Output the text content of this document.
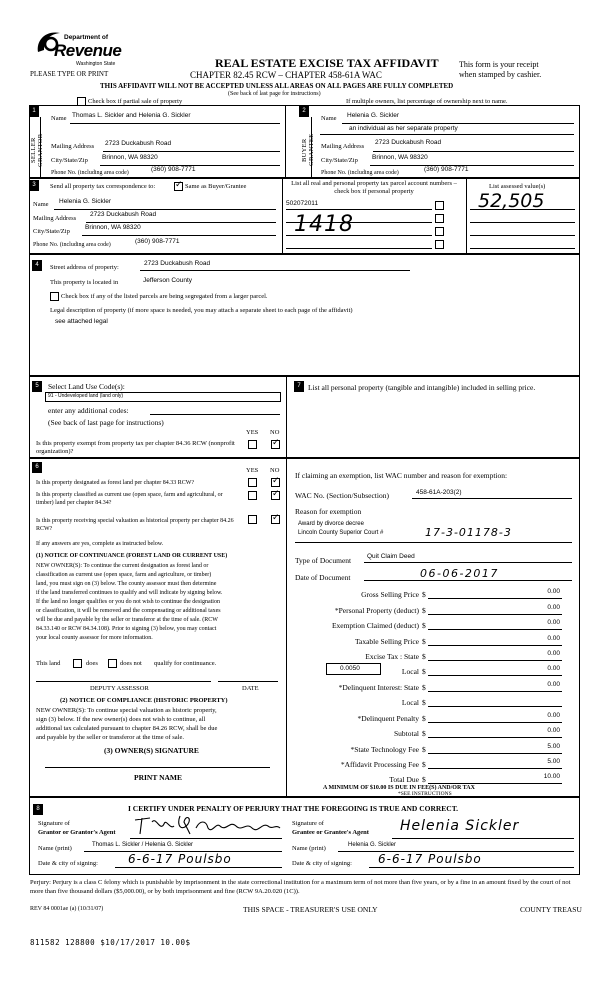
Department of
Revenue
Washington State
PLEASE TYPE OR PRINT
REAL ESTATE EXCISE TAX AFFIDAVIT
CHAPTER 82.45 RCW – CHAPTER 458-61A WAC
This form is your receipt
when stamped by cashier.
THIS AFFIDAVIT WILL NOT BE ACCEPTED UNLESS ALL AREAS ON ALL PAGES ARE FULLY COMPLETED
(See back of last page for instructions)
Check box if partial sale of property	If multiple owners, list percentage of ownership next to name.
1
SELLER GRANTOR
Name Thomas L. Sickler and Helenia G. Sickler
Mailing Address 2723 Duckabush Road
City/State/Zip Brinnon, WA 98320
Phone No. (including area code)	(360) 908-7771
2
BUYER GRANTEE
Name Helenia G. Sickler
an individual as her separate property
Mailing Address
2723 Duckabush Road
City/State/Zip Brinnon, WA 98320
Phone No. (including area code)	(360) 908-7771
3	Send all property tax correspondence to:
✓	Same as Buyer/Grantee
Name Helenia G. Sickler
Mailing Address
2723 Duckabush Road
City/State/Zip
Brinnon, WA 98320
Phone No. (including area code)	(360) 908-7771
List all real and personal property tax parcel account numbers – check box if personal property
502072011
1418
List assessed value(s)
52,505
4	Street address of property:
2723 Duckabush Road
This property is located in	Jefferson County
Check box if any of the listed parcels are being segregated from a larger parcel.
Legal description of property (if more space is needed, you may attach a separate sheet to each page of the affidavit)
see attached legal
5	Select Land Use Code(s):
91 - Undeveloped land (land only)
enter any additional codes:
(See back of last page for instructions)
YES NO
Is this property exempt from property tax per chapter 84.36 RCW (nonprofit organization)?
✓
7 List all personal property (tangible and intangible) included in selling price.
6	YES NO
Is this property designated as forest land per chapter 84.33 RCW?
✓
Is this property classified as current use (open space, farm and agricultural, or timber) land per chapter 84.34?
✓
Is this property receiving special valuation as historical property per chapter 84.26 RCW?
✓
If any answers are yes, complete as instructed below.
(1) NOTICE OF CONTINUANCE (FOREST LAND OR CURRENT USE)
NEW OWNER(S): To continue the current designation as forest land or
classification as current use (open space, farm and agriculture, or timber)
land, you must sign on (3) below. The county assessor must then determine
if the land transferred continues to qualify and will indicate by signing below.
If the land no longer qualifies or you do not wish to continue the designation
or classification, it will be removed and the compensating or additional taxes
will be due and payable by the seller or transferor at the time of sale. (RCW
84.33.140 or RCW 84.34.108). Prior to signing (3) below, you may contact
your local county assessor for more information.
This land	does	does not qualify for continuance.
DEPUTY ASSESSOR	DATE
(2) NOTICE OF COMPLIANCE (HISTORIC PROPERTY)
NEW OWNER(S): To continue special valuation as historic property,
sign (3) below. If the new owner(s) does not wish to continue, all
additional tax calculated pursuant to chapter 84.26 RCW, shall be due
and payable by the seller or transferor at the time of sale.
(3) OWNER(S) SIGNATURE
PRINT NAME
If claiming an exemption, list WAC number and reason for exemption:
WAC No. (Section/Subsection)	458-61A-203(2)
Reason for exemption
Award by divorce decree
Lincoln County Superior Court #	17-3-01178-3
Type of Document Quit Claim Deed
Date of Document	06-06-2017
Gross Selling Price $	0.00
*Personal Property (deduct) $	0.00
Exemption Claimed (deduct) $	0.00
Taxable Selling Price $	0.00
Excise Tax : State $	0.00
0.0050	Local $	0.00
*Delinquent Interest: State $	0.00
Local $
*Delinquent Penalty $	0.00
Subtotal $	0.00
*State Technology Fee $	5.00
*Affidavit Processing Fee $	5.00
Total Due $	10.00
A MINIMUM OF $10.00 IS DUE IN FEE(S) AND/OR TAX
*SEE INSTRUCTIONS
8	I CERTIFY UNDER PENALTY OF PERJURY THAT THE FOREGOING IS TRUE AND CORRECT.
Signature of
Grantor or Grantor's Agent
Name (print)	Thomas L. Sickler / Helenia G. Sickler
Date & city of signing:	6-6-17 Poulsbo
Signature of
Grantee or Grantee's Agent Helenia Sickler
Name (print)	Helenia G. Sickler
Date & city of signing: 6-6-17 Poulsbo
Perjury: Perjury is a class C felony which is punishable by imprisonment in the state correctional institution for a maximum term of not more than five years, or by a fine in an amount fixed by the court of not more than five thousand dollars ($5,000.00), or by both imprisonment and fine (RCW 9A.20.020 (1C)).
REV 84 0001ae (a) (10/31/07)	THIS SPACE - TREASURER'S USE ONLY	COUNTY TREASU
811582 128800 $10/17/2017 10.00$
